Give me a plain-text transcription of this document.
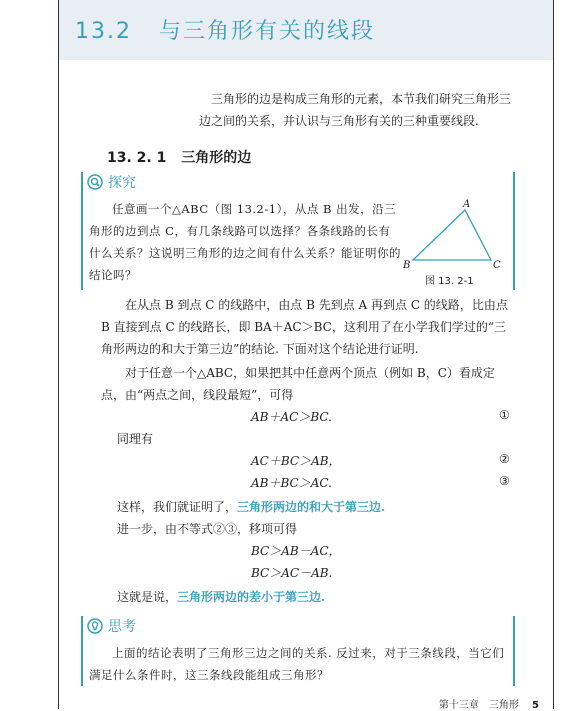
13.2 与三角形有关的线段
三角形的边是构成三角形的元素，本节我们研究三角形三边之间的关系，并认识与三角形有关的三种重要线段.
13. 2. 1 三角形的边
探究
任意画一个△ABC（图 13.2-1），从点 B 出发，沿三角形的边到点 C，有几条线路可以选择？各条线路的长有什么关系？这说明三角形的边之间有什么关系？能证明你的结论吗？
A
B	C
图 13. 2-1
在从点 B 到点 C 的线路中，由点 B 先到点 A 再到点 C 的线路，比由点 B 直接到点 C 的线路长，即 BA＋AC＞BC，这利用了在小学我们学过的“三角形两边的和大于第三边”的结论. 下面对这个结论进行证明.
对于任意一个△ABC，如果把其中任意两个顶点（例如 B，C）看成定点，由“两点之间，线段最短”，可得
AB＋AC＞BC.	①
同理有
AC＋BC＞AB，	②
AB＋BC＞AC.	③
这样，我们就证明了，三角形两边的和大于第三边.
进一步，由不等式②③，移项可得
BC＞AB－AC，
BC＞AC－AB.
这就是说，三角形两边的差小于第三边.
思考
上面的结论表明了三角形三边之间的关系. 反过来，对于三条线段，当它们满足什么条件时，这三条线段能组成三角形？
第十三章　三角形 5
